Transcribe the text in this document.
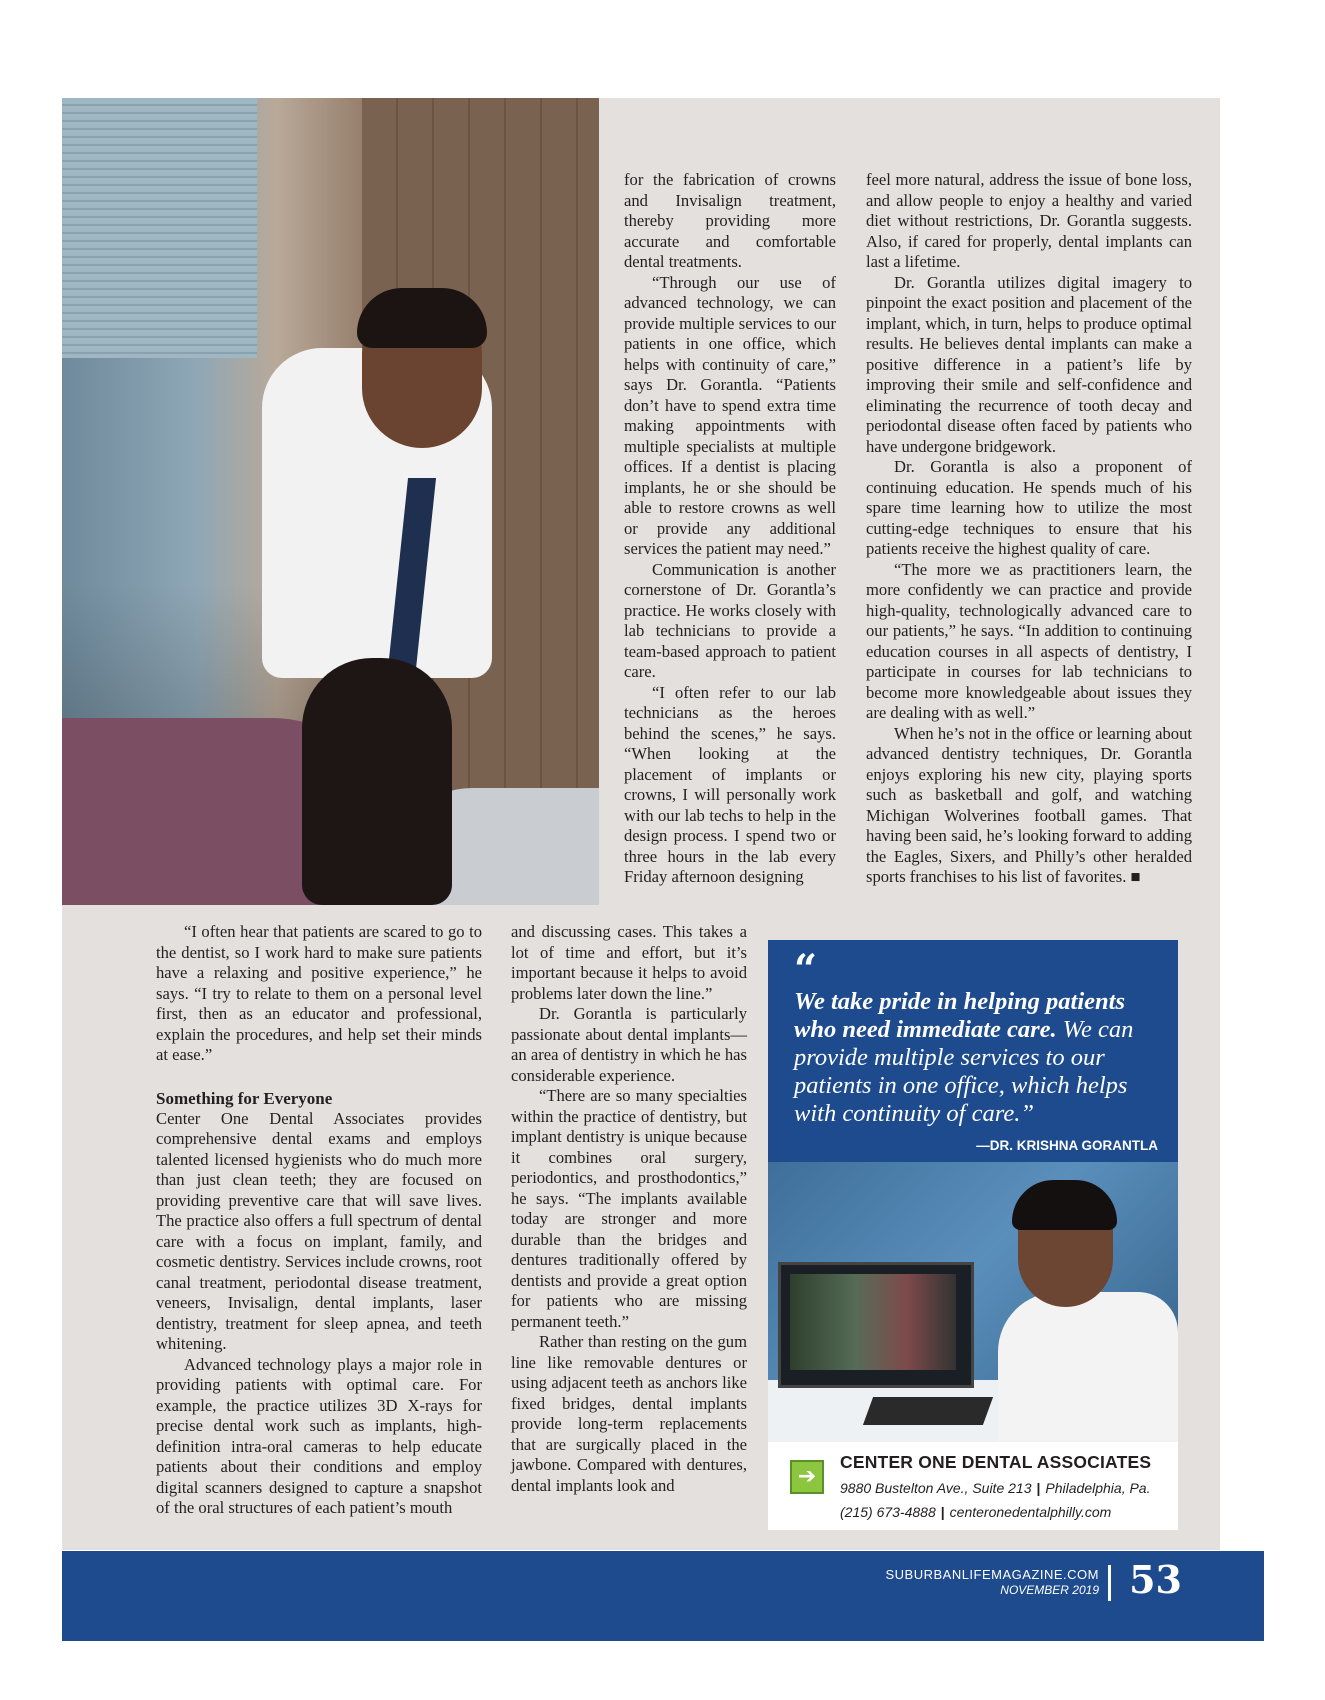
for the fabrication of crowns and Invisalign treatment, thereby providing more accurate and comfortable dental treatments.

“Through our use of advanced technology, we can provide multiple services to our patients in one office, which helps with continuity of care,” says Dr. Gorantla. “Patients don’t have to spend extra time making appointments with multiple specialists at multiple offices. If a dentist is placing implants, he or she should be able to restore crowns as well or provide any additional services the patient may need.”

Communication is another cornerstone of Dr. Gorantla’s practice. He works closely with lab technicians to provide a team-based approach to patient care.

“I often refer to our lab technicians as the heroes behind the scenes,” he says. “When looking at the placement of implants or crowns, I will personally work with our lab techs to help in the design process. I spend two or three hours in the lab every Friday afternoon designing

feel more natural, address the issue of bone loss, and allow people to enjoy a healthy and varied diet without restrictions, Dr. Gorantla suggests. Also, if cared for properly, dental implants can last a lifetime.

Dr. Gorantla utilizes digital imagery to pinpoint the exact position and placement of the implant, which, in turn, helps to produce optimal results. He believes dental implants can make a positive difference in a patient’s life by improving their smile and self-confidence and eliminating the recurrence of tooth decay and periodontal disease often faced by patients who have undergone bridgework.

Dr. Gorantla is also a proponent of continuing education. He spends much of his spare time learning how to utilize the most cutting-edge techniques to ensure that his patients receive the highest quality of care.

“The more we as practitioners learn, the more confidently we can practice and provide high-quality, technologically advanced care to our patients,” he says. “In addition to continuing education courses in all aspects of dentistry, I participate in courses for lab technicians to become more knowledgeable about issues they are dealing with as well.”

When he’s not in the office or learning about advanced dentistry techniques, Dr. Gorantla enjoys exploring his new city, playing sports such as basketball and golf, and watching Michigan Wolverines football games. That having been said, he’s looking forward to adding the Eagles, Sixers, and Philly’s other heralded sports franchises to his list of favorites. ■

“I often hear that patients are scared to go to the dentist, so I work hard to make sure patients have a relaxing and positive experience,” he says. “I try to relate to them on a personal level first, then as an educator and professional, explain the procedures, and help set their minds at ease.”

Something for Everyone

Center One Dental Associates provides comprehensive dental exams and employs talented licensed hygienists who do much more than just clean teeth; they are focused on providing preventive care that will save lives. The practice also offers a full spectrum of dental care with a focus on implant, family, and cosmetic dentistry. Services include crowns, root canal treatment, periodontal disease treatment, veneers, Invisalign, dental implants, laser dentistry, treatment for sleep apnea, and teeth whitening.

Advanced technology plays a major role in providing patients with optimal care. For example, the practice utilizes 3D X-rays for precise dental work such as implants, high-definition intra-oral cameras to help educate patients about their conditions and employ digital scanners designed to capture a snapshot of the oral structures of each patient’s mouth

and discussing cases. This takes a lot of time and effort, but it’s important because it helps to avoid problems later down the line.”

Dr. Gorantla is particularly passionate about dental implants—an area of dentistry in which he has considerable experience.

“There are so many specialties within the practice of dentistry, but implant dentistry is unique because it combines oral surgery, periodontics, and prosthodontics,” he says. “The implants available today are stronger and more durable than the bridges and dentures traditionally offered by dentists and provide a great option for patients who are missing permanent teeth.”

Rather than resting on the gum line like removable dentures or using adjacent teeth as anchors like fixed bridges, dental implants provide long-term replacements that are surgically placed in the jawbone. Compared with dentures, dental implants look and

“
We take pride in helping patients who need immediate care. We can provide multiple services to our patients in one office, which helps with continuity of care.”
—DR. KRISHNA GORANTLA
➔
CENTER ONE DENTAL ASSOCIATES
9880 Bustelton Ave., Suite 213 | Philadelphia, Pa.
(215) 673-4888 | centeronedentalphilly.com
SUBURBANLIFEMAGAZINE.COM
NOVEMBER 2019 53
